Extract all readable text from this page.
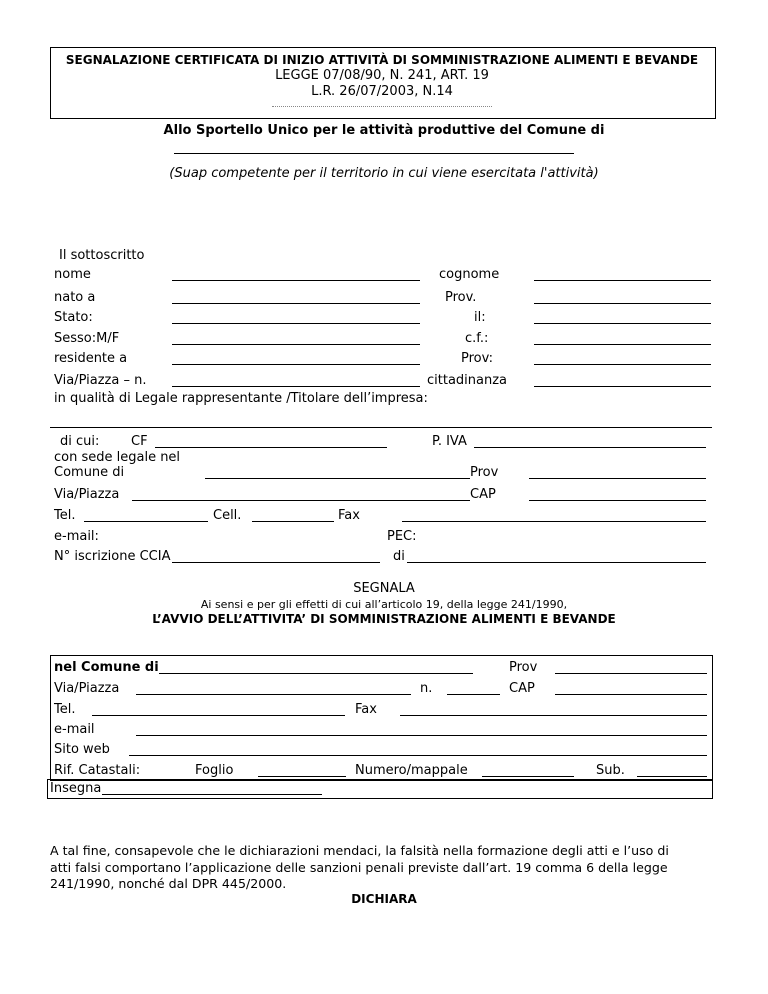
SEGNALAZIONE CERTIFICATA DI INIZIO ATTIVITÀ DI SOMMINISTRAZIONE ALIMENTI E BEVANDE
LEGGE 07/08/90, N. 241, ART. 19
L.R. 26/07/2003, N.14
Allo Sportello Unico per le attività produttive del Comune di
(Suap competente per il territorio in cui viene esercitata l'attività)
Il sottoscritto
nome	cognome
nato a	Prov.
Stato:	il:
Sesso:M/F	c.f.:
residente a	Prov:
Via/Piazza – n.	cittadinanza
in qualità di Legale rappresentante /Titolare dell’impresa:
di cui: CF	P. IVA
con sede legale nel
Comune di	Prov
Via/Piazza	CAP
Tel.	Cell.	Fax
e-mail:	PEC:
N° iscrizione CCIA	di
SEGNALA
Ai sensi e per gli effetti di cui all’articolo 19, della legge 241/1990,
L’AVVIO DELL’ATTIVITA’ DI SOMMINISTRAZIONE ALIMENTI E BEVANDE
nel Comune di	Prov
Via/Piazza	n.	CAP
Tel.	Fax
e-mail
Sito web
Rif. Catastali:	Foglio	Numero/mappale	Sub.
Insegna
A tal fine, consapevole che le dichiarazioni mendaci, la falsità nella formazione degli atti e l’uso di
atti falsi comportano l’applicazione delle sanzioni penali previste dall’art. 19 comma 6 della legge
241/1990, nonché dal DPR 445/2000.
DICHIARA
